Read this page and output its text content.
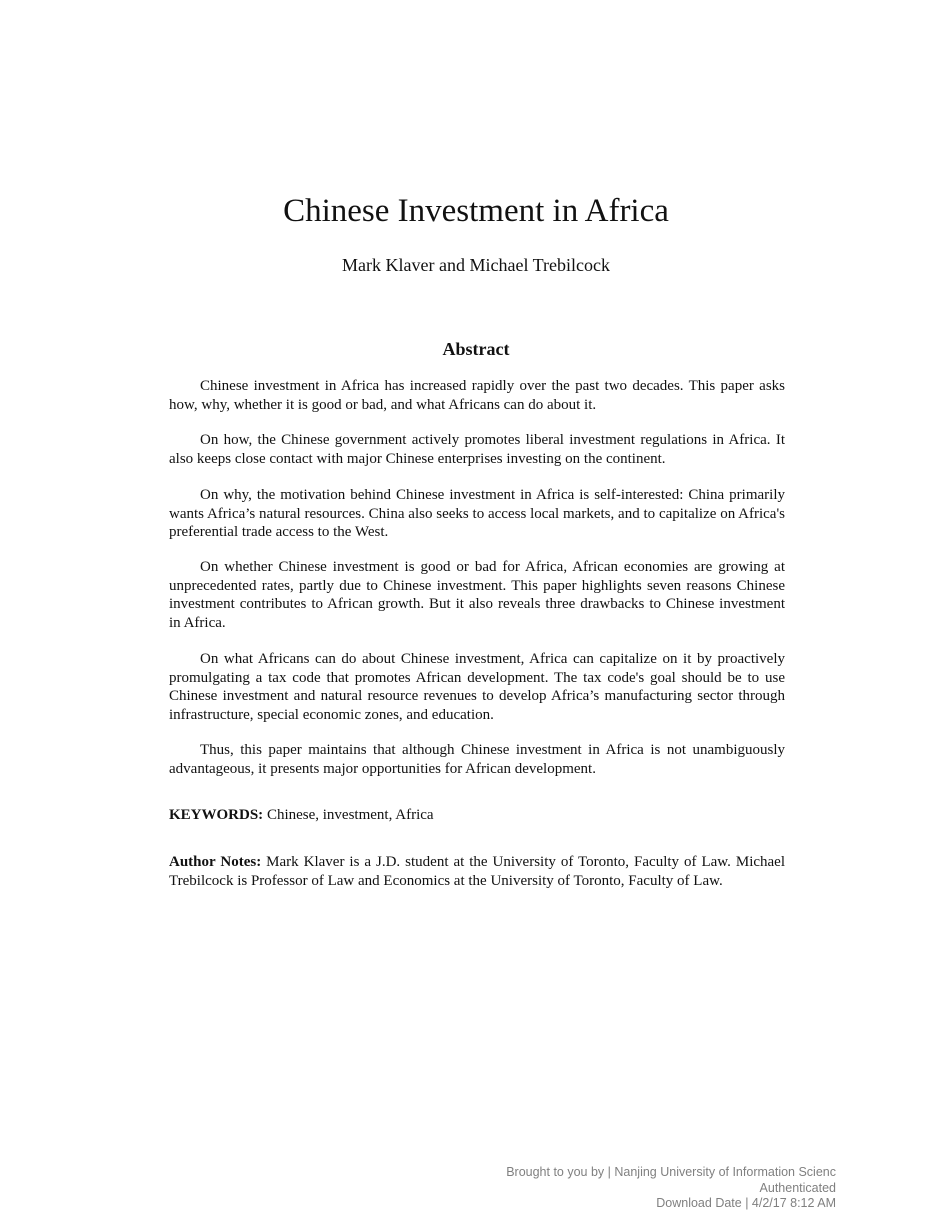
Chinese Investment in Africa
Mark Klaver and Michael Trebilcock
Abstract

Chinese investment in Africa has increased rapidly over the past two decades. This paper asks how, why, whether it is good or bad, and what Africans can do about it.

On how, the Chinese government actively promotes liberal investment regulations in Africa. It also keeps close contact with major Chinese enterprises investing on the continent.

On why, the motivation behind Chinese investment in Africa is self-interested: China primarily wants Africa’s natural resources. China also seeks to access local markets, and to capitalize on Africa's preferential trade access to the West.

On whether Chinese investment is good or bad for Africa, African economies are growing at unprecedented rates, partly due to Chinese investment. This paper highlights seven reasons Chinese investment contributes to African growth. But it also reveals three drawbacks to Chinese investment in Africa.

On what Africans can do about Chinese investment, Africa can capitalize on it by proactively promulgating a tax code that promotes African development. The tax code's goal should be to use Chinese investment and natural resource revenues to develop Africa’s manufacturing sector through infrastructure, special economic zones, and education.

Thus, this paper maintains that although Chinese investment in Africa is not unambiguously advantageous, it presents major opportunities for African development.

KEYWORDS: Chinese, investment, Africa

Author Notes: Mark Klaver is a J.D. student at the University of Toronto, Faculty of Law. Michael Trebilcock is Professor of Law and Economics at the University of Toronto, Faculty of Law.

Brought to you by | Nanjing University of Information Scienc
Authenticated
Download Date | 4/2/17 8:12 AM
